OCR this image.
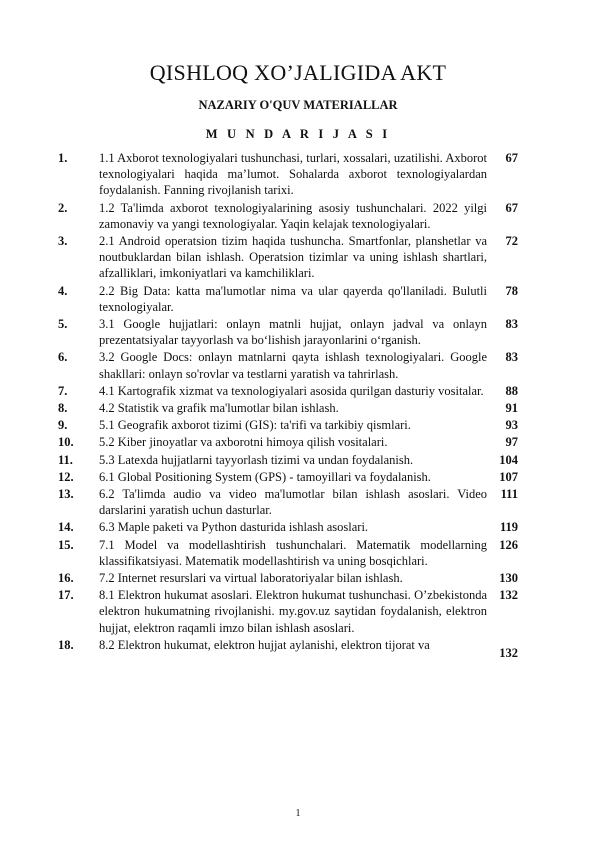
QISHLOQ XO’JALIGIDA AKT
NAZARIY O'QUV MATERIALLAR
M U N D A R I J A S I
1.	1.1 Axborot texnologiyalari tushunchasi, turlari, xossalari, uzatilishi. Axborot texnologiyalari haqida ma’lumot. Sohalarda axborot texnologiyalardan foydalanish. Fanning rivojlanish tarixi.
67
2.	1.2 Ta'limda axborot texnologiyalarining asosiy tushunchalari. 2022 yilgi zamonaviy va yangi texnologiyalar. Yaqin kelajak texnologiyalari.
67
3.	2.1 Android operatsion tizim haqida tushuncha. Smartfonlar, planshetlar va noutbuklardan bilan ishlash. Operatsion tizimlar va uning ishlash shartlari, afzalliklari, imkoniyatlari va kamchiliklari.
72
4.	2.2 Big Data: katta ma'lumotlar nima va ular qayerda qo'llaniladi. Bulutli texnologiyalar.
78
5.	3.1 Google hujjatlari: onlayn matnli hujjat, onlayn jadval va onlayn prezentatsiyalar tayyorlash va bo‘lishish jarayonlarini o‘rganish.
83
6.	3.2 Google Docs: onlayn matnlarni qayta ishlash texnologiyalari. Google shakllari: onlayn so'rovlar va testlarni yaratish va tahrirlash.
83
7.	4.1 Kartografik xizmat va texnologiyalari asosida qurilgan dasturiy vositalar.	88
8.	4.2 Statistik va grafik ma'lumotlar bilan ishlash.	91
9.	5.1 Geografik axborot tizimi (GIS): ta'rifi va tarkibiy qismlari.	93
10.	5.2 Kiber jinoyatlar va axborotni himoya qilish vositalari.	97
11.	5.3 Latexda hujjatlarni tayyorlash tizimi va undan foydalanish.	104
12.	6.1 Global Positioning System (GPS) - tamoyillari va foydalanish.	107
13.	6.2 Ta'limda audio va video ma'lumotlar bilan ishlash asoslari. Video darslarini yaratish uchun dasturlar.
111
14.	6.3 Maple paketi va Python dasturida ishlash asoslari.	119
15.	7.1 Model va modellashtirish tushunchalari. Matematik modellarning klassifikatsiyasi. Matematik modellashtirish va uning bosqichlari.
126
16.	7.2 Internet resurslari va virtual laboratoriyalar bilan ishlash.	130
17.	8.1 Elektron hukumat asoslari. Elektron hukumat tushunchasi. O’zbekistonda elektron hukumatning rivojlanishi. my.gov.uz saytidan foydalanish, elektron hujjat, elektron raqamli imzo bilan ishlash asoslari.
132
18.	8.2 Elektron hukumat, elektron hujjat aylanishi, elektron tijorat va
132
1
